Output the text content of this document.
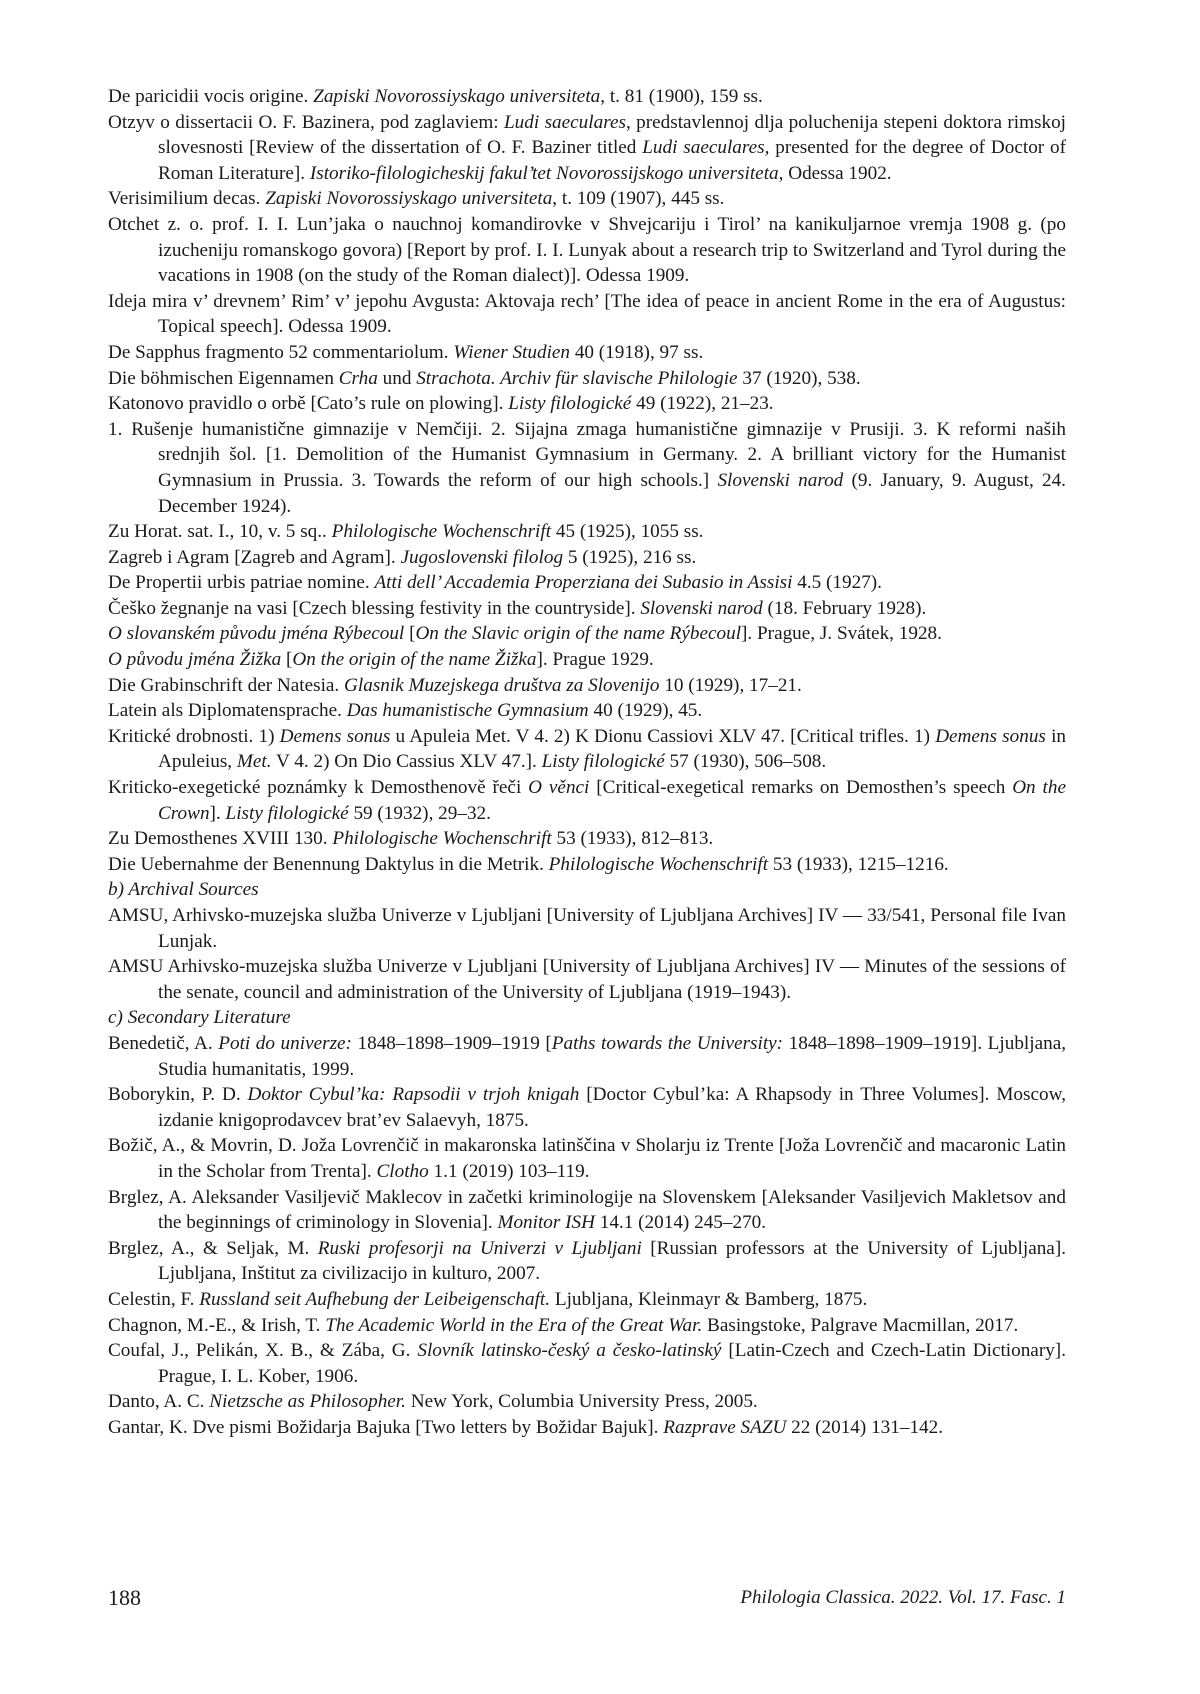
De paricidii vocis origine. Zapiski Novorossiyskago universiteta, t. 81 (1900), 159 ss.

Otzyv o dissertacii O. F. Bazinera, pod zaglaviem: Ludi saeculares, predstavlennoj dlja poluchenija stepeni doktora rimskoj slovesnosti [Review of the dissertation of O. F. Baziner titled Ludi saeculares, presented for the degree of Doctor of Roman Literature]. Istoriko-filologicheskij fakul’tet Novorossijskogo universiteta, Odessa 1902.

Verisimilium decas. Zapiski Novorossiyskago universiteta, t. 109 (1907), 445 ss.

Otchet z. o. prof. I. I. Lun’jaka o nauchnoj komandirovke v Shvejcariju i Tirol’ na kanikuljarnoe vremja 1908 g. (po izucheniju romanskogo govora) [Report by prof. I. I. Lunyak about a research trip to Switzerland and Tyrol during the vacations in 1908 (on the study of the Roman dialect)]. Odessa 1909.

Ideja mira v’ drevnem’ Rim’ v’ jepohu Avgusta: Aktovaja rech’ [The idea of peace in ancient Rome in the era of Augustus: Topical speech]. Odessa 1909.

De Sapphus fragmento 52 commentariolum. Wiener Studien 40 (1918), 97 ss.

Die böhmischen Eigennamen Crha und Strachota. Archiv für slavische Philologie 37 (1920), 538.

Katonovo pravidlo o orbě [Cato’s rule on plowing]. Listy filologické 49 (1922), 21–23.

1. Rušenje humanistične gimnazije v Nemčiji. 2. Sijajna zmaga humanistične gimnazije v Prusiji. 3. K reformi naših srednjih šol. [1. Demolition of the Humanist Gymnasium in Germany. 2. A brilliant victory for the Humanist Gymnasium in Prussia. 3. Towards the reform of our high schools.] Slovenski narod (9. January, 9. August, 24. December 1924).

Zu Horat. sat. I., 10, v. 5 sq.. Philologische Wochenschrift 45 (1925), 1055 ss.

Zagreb i Agram [Zagreb and Agram]. Jugoslovenski filolog 5 (1925), 216 ss.

De Propertii urbis patriae nomine. Atti dell’ Accademia Properziana dei Subasio in Assisi 4.5 (1927).

Češko žegnanje na vasi [Czech blessing festivity in the countryside]. Slovenski narod (18. February 1928).

O slovanském původu jména Rýbecoul [On the Slavic origin of the name Rýbecoul]. Prague, J. Svátek, 1928.

O původu jména Žižka [On the origin of the name Žižka]. Prague 1929.

Die Grabinschrift der Natesia. Glasnik Muzejskega društva za Slovenijo 10 (1929), 17–21.

Latein als Diplomatensprache. Das humanistische Gymnasium 40 (1929), 45.

Kritické drobnosti. 1) Demens sonus u Apuleia Met. V 4. 2) K Dionu Cassiovi XLV 47. [Critical trifles. 1) Demens sonus in Apuleius, Met. V 4. 2) On Dio Cassius XLV 47.]. Listy filologické 57 (1930), 506–508.

Kriticko-exegetické poznámky k Demosthenově řeči O věnci [Critical-exegetical remarks on Demosthen’s speech On the Crown]. Listy filologické 59 (1932), 29–32.

Zu Demosthenes XVIII 130. Philologische Wochenschrift 53 (1933), 812–813.

Die Uebernahme der Benennung Daktylus in die Metrik. Philologische Wochenschrift 53 (1933), 1215–1216.

b) Archival Sources

AMSU, Arhivsko-muzejska služba Univerze v Ljubljani [University of Ljubljana Archives] IV — 33/541, Personal file Ivan Lunjak.

AMSU Arhivsko-muzejska služba Univerze v Ljubljani [University of Ljubljana Archives] IV — Minutes of the sessions of the senate, council and administration of the University of Ljubljana (1919–1943).

c) Secondary Literature

Benedetič, A. Poti do univerze: 1848–1898–1909–1919 [Paths towards the University: 1848–1898–1909–1919]. Ljubljana, Studia humanitatis, 1999.

Boborykin, P. D. Doktor Cybul’ka: Rapsodii v trjoh knigah [Doctor Cybul’ka: A Rhapsody in Three Volumes]. Moscow, izdanie knigoprodavcev brat’ev Salaevyh, 1875.

Božič, A., & Movrin, D. Joža Lovrenčič in makaronska latinščina v Sholarju iz Trente [Joža Lovrenčič and macaronic Latin in the Scholar from Trenta]. Clotho 1.1 (2019) 103–119.

Brglez, A. Aleksander Vasiljevič Maklecov in začetki kriminologije na Slovenskem [Aleksander Vasiljevich Makletsov and the beginnings of criminology in Slovenia]. Monitor ISH 14.1 (2014) 245–270.

Brglez, A., & Seljak, M. Ruski profesorji na Univerzi v Ljubljani [Russian professors at the University of Ljubljana]. Ljubljana, Inštitut za civilizacijo in kulturo, 2007.

Celestin, F. Russland seit Aufhebung der Leibeigenschaft. Ljubljana, Kleinmayr & Bamberg, 1875.

Chagnon, M.-E., & Irish, T. The Academic World in the Era of the Great War. Basingstoke, Palgrave Macmillan, 2017.

Coufal, J., Pelikán, X. B., & Zába, G. Slovník latinsko-český a česko-latinský [Latin-Czech and Czech-Latin Dictionary]. Prague, I. L. Kober, 1906.

Danto, A. C. Nietzsche as Philosopher. New York, Columbia University Press, 2005.

Gantar, K. Dve pismi Božidarja Bajuka [Two letters by Božidar Bajuk]. Razprave SAZU 22 (2014) 131–142.

188	Philologia Classica. 2022. Vol. 17. Fasc. 1
